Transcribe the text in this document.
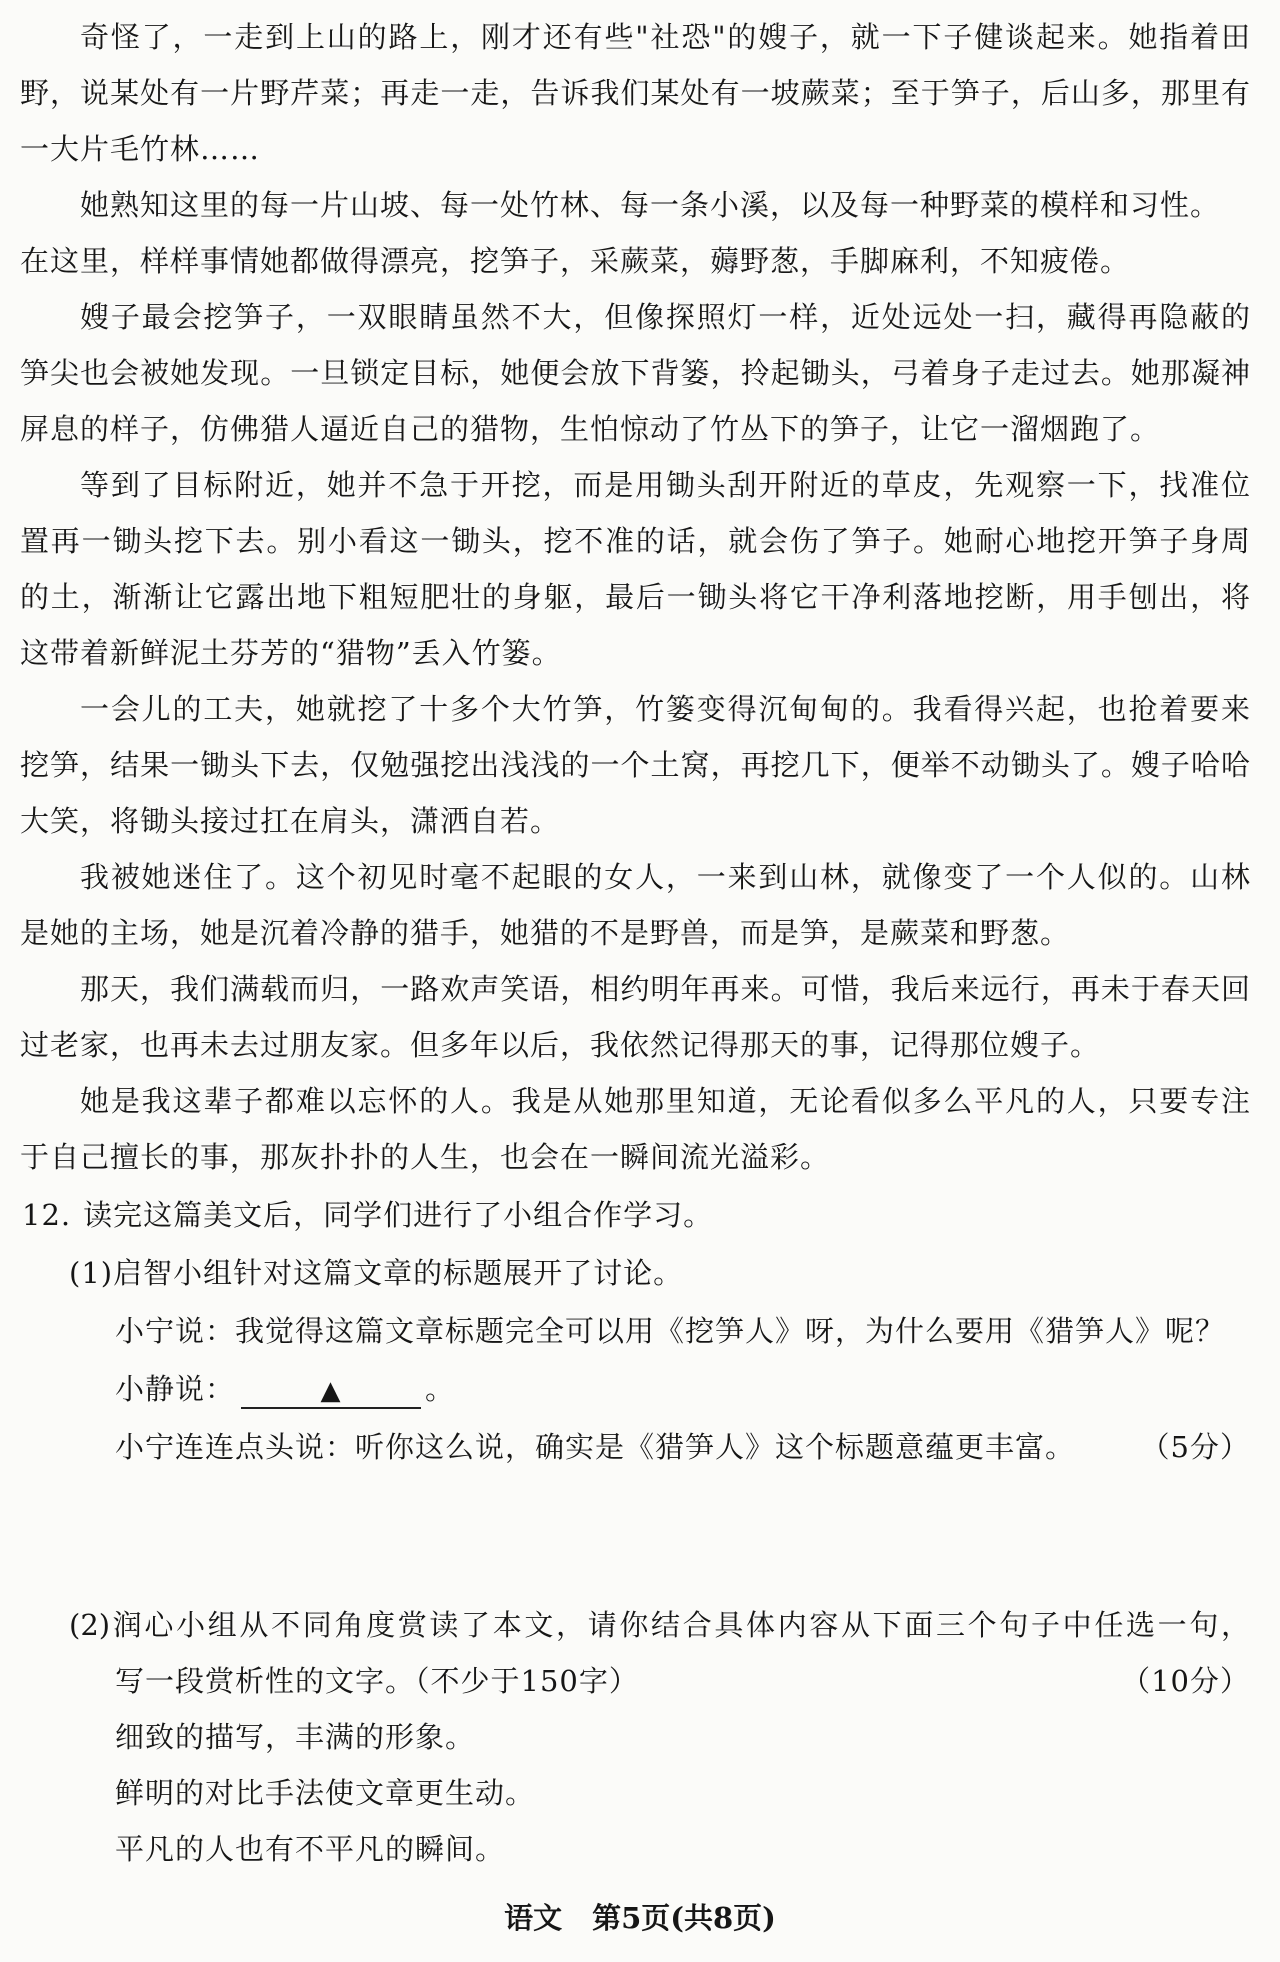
奇怪了，一走到上山的路上，刚才还有些"社恐"的嫂子，就一下子健谈起来。她指着田
野，说某处有一片野芹菜；再走一走，告诉我们某处有一坡蕨菜；至于笋子，后山多，那里有
一大片毛竹林……
她熟知这里的每一片山坡、每一处竹林、每一条小溪，以及每一种野菜的模样和习性。
在这里，样样事情她都做得漂亮，挖笋子，采蕨菜，薅野葱，手脚麻利，不知疲倦。
嫂子最会挖笋子，一双眼睛虽然不大，但像探照灯一样，近处远处一扫，藏得再隐蔽的
笋尖也会被她发现。一旦锁定目标，她便会放下背篓，拎起锄头，弓着身子走过去。她那凝神
屏息的样子，仿佛猎人逼近自己的猎物，生怕惊动了竹丛下的笋子，让它一溜烟跑了。
等到了目标附近，她并不急于开挖，而是用锄头刮开附近的草皮，先观察一下，找准位
置再一锄头挖下去。别小看这一锄头，挖不准的话，就会伤了笋子。她耐心地挖开笋子身周
的土，渐渐让它露出地下粗短肥壮的身躯，最后一锄头将它干净利落地挖断，用手刨出，将
这带着新鲜泥土芬芳的“猎物”丢入竹篓。
一会儿的工夫，她就挖了十多个大竹笋，竹篓变得沉甸甸的。我看得兴起，也抢着要来
挖笋，结果一锄头下去，仅勉强挖出浅浅的一个土窝，再挖几下，便举不动锄头了。嫂子哈哈
大笑，将锄头接过扛在肩头，潇洒自若。
我被她迷住了。这个初见时毫不起眼的女人，一来到山林，就像变了一个人似的。山林
是她的主场，她是沉着冷静的猎手，她猎的不是野兽，而是笋，是蕨菜和野葱。
那天，我们满载而归，一路欢声笑语，相约明年再来。可惜，我后来远行，再未于春天回
过老家，也再未去过朋友家。但多年以后，我依然记得那天的事，记得那位嫂子。
她是我这辈子都难以忘怀的人。我是从她那里知道，无论看似多么平凡的人，只要专注
于自己擅长的事，那灰扑扑的人生，也会在一瞬间流光溢彩。
12. 读完这篇美文后，同学们进行了小组合作学习。
(1)启智小组针对这篇文章的标题展开了讨论。
小宁说：我觉得这篇文章标题完全可以用《挖笋人》呀，为什么要用《猎笋人》呢？
小静说：	▲	。
小宁连连点头说：听你这么说，确实是《猎笋人》这个标题意蕴更丰富。 （5分）
(2)润心小组从不同角度赏读了本文，请你结合具体内容从下面三个句子中任选一句，
写一段赏析性的文字。（不少于150字）	（10分）
细致的描写，丰满的形象。
鲜明的对比手法使文章更生动。
平凡的人也有不平凡的瞬间。
语文 第5页(共8页)
